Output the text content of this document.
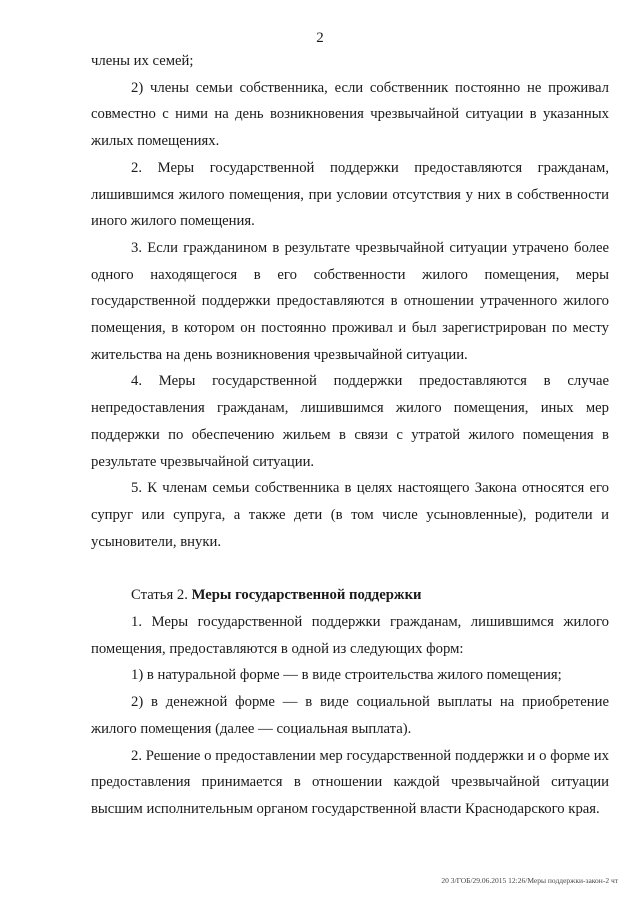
2

члены их семей;

2) члены семьи собственника, если собственник постоянно не проживал совместно с ними на день возникновения чрезвычайной ситуации в указанных жилых помещениях.

2. Меры государственной поддержки предоставляются гражданам, лишившимся жилого помещения, при условии отсутствия у них в собственности иного жилого помещения.

3. Если гражданином в результате чрезвычайной ситуации утрачено более одного находящегося в его собственности жилого помещения, меры государственной поддержки предоставляются в отношении утраченного жилого помещения, в котором он постоянно проживал и был зарегистрирован по месту жительства на день возникновения чрезвычайной ситуации.

4. Меры государственной поддержки предоставляются в случае непредоставления гражданам, лишившимся жилого помещения, иных мер поддержки по обеспечению жильем в связи с утратой жилого помещения в результате чрезвычайной ситуации.

5. К членам семьи собственника в целях настоящего Закона относятся его супруг или супруга, а также дети (в том числе усыновленные), родители и усыновители, внуки.

Статья 2. Меры государственной поддержки

1. Меры государственной поддержки гражданам, лишившимся жилого помещения, предоставляются в одной из следующих форм:

1) в натуральной форме — в виде строительства жилого помещения;

2) в денежной форме — в виде социальной выплаты на приобретение жилого помещения (далее — социальная выплата).

2. Решение о предоставлении мер государственной поддержки и о форме их предоставления принимается в отношении каждой чрезвычайной ситуации высшим исполнительным органом государственной власти Краснодарского края.

20 3/ГОБ/29.06.2015 12:26/Меры поддержки-закон-2 чт
